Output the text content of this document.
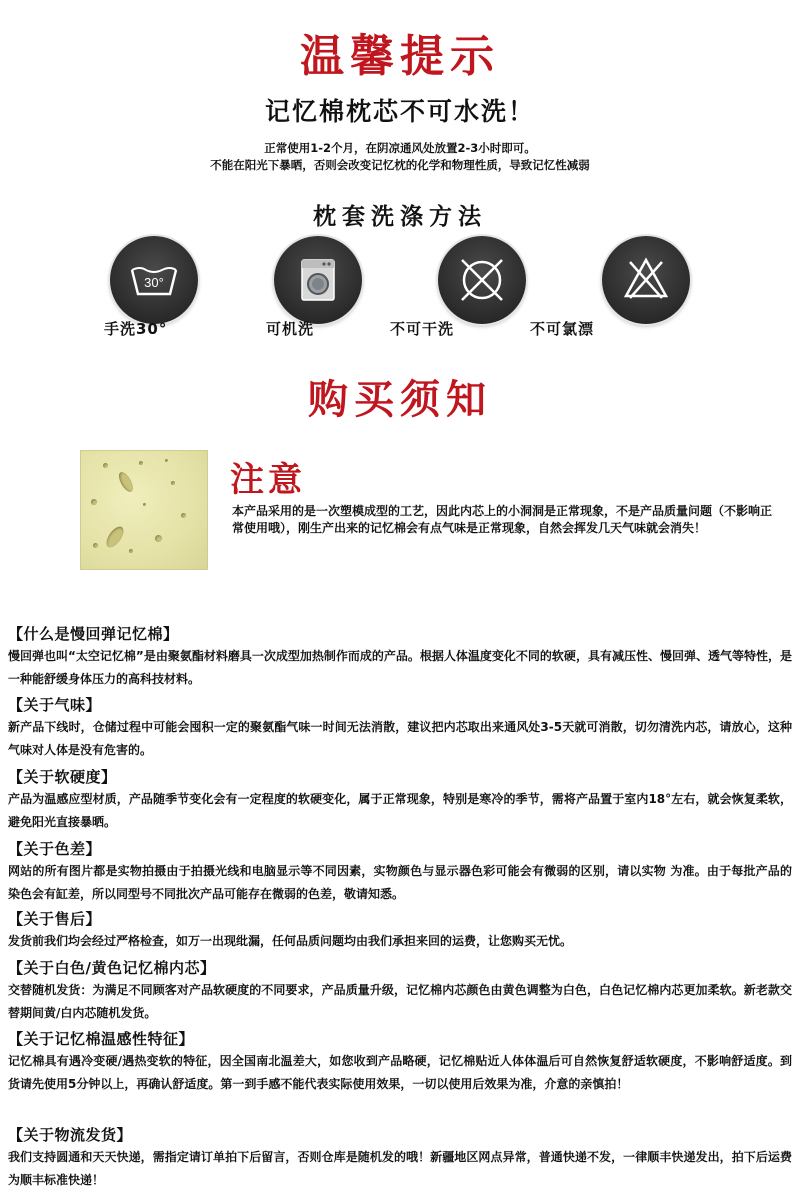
温馨提示
记忆棉枕芯不可水洗！
正常使用1-2个月，在阴凉通风处放置2-3小时即可。
不能在阳光下暴晒，否则会改变记忆枕的化学和物理性质，导致记忆性减弱
枕套洗涤方法
30°
手洗30°	可机洗	不可干洗	不可氯漂
购买须知
注意
本产品采用的是一次塑模成型的工艺，因此内芯上的小洞洞是正常现象，不是产品质量问题（不影响正常使用哦），刚生产出来的记忆棉会有点气味是正常现象，自然会挥发几天气味就会消失！
【什么是慢回弹记忆棉】
慢回弹也叫“太空记忆棉”是由聚氨酯材料磨具一次成型加热制作而成的产品。根据人体温度变化不同的软硬，具有减压性、慢回弹、透气等特性，是一种能舒缓身体压力的高科技材料。
【关于气味】
新产品下线时，仓储过程中可能会囤积一定的聚氨酯气味一时间无法消散，建议把内芯取出来通风处3-5天就可消散，切勿清洗内芯，请放心，这种气味对人体是没有危害的。
【关于软硬度】
产品为温感应型材质，产品随季节变化会有一定程度的软硬变化，属于正常现象，特别是寒冷的季节，需将产品置于室内18°左右，就会恢复柔软，避免阳光直接暴晒。
【关于色差】
网站的所有图片都是实物拍摄由于拍摄光线和电脑显示等不同因素，实物颜色与显示器色彩可能会有微弱的区别，请以实物 为准。由于每批产品的染色会有缸差，所以同型号不同批次产品可能存在微弱的色差，敬请知悉。
【关于售后】
发货前我们均会经过严格检查，如万一出现纰漏，任何品质问题均由我们承担来回的运费，让您购买无忧。
【关于白色/黄色记忆棉内芯】
交替随机发货：为满足不同顾客对产品软硬度的不同要求，产品质量升级，记忆棉内芯颜色由黄色调整为白色，白色记忆棉内芯更加柔软。新老款交替期间黄/白内芯随机发货。
【关于记忆棉温感性特征】
记忆棉具有遇冷变硬/遇热变软的特征，因全国南北温差大，如您收到产品略硬，记忆棉贴近人体体温后可自然恢复舒适软硬度，不影响舒适度。到货请先使用5分钟以上，再确认舒适度。第一到手感不能代表实际使用效果，一切以使用后效果为准，介意的亲慎拍！
【关于物流发货】
我们支持圆通和天天快递，需指定请订单拍下后留言，否则仓库是随机发的哦！新疆地区网点异常，普通快递不发，一律顺丰快递发出，拍下后运费为顺丰标准快递！
